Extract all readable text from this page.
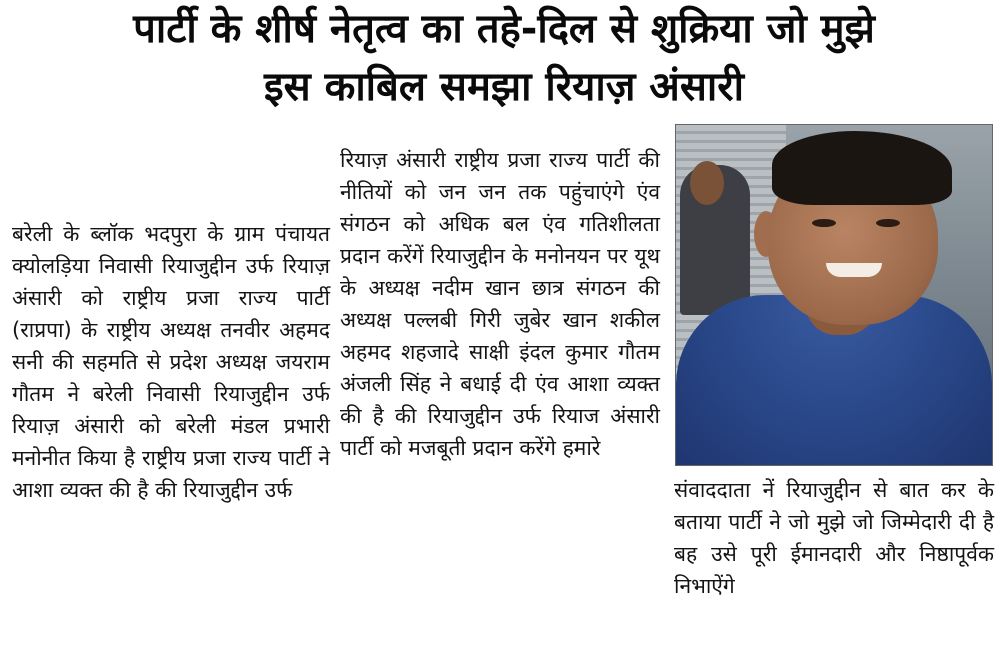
पार्टी के शीर्ष नेतृत्व का तहे-दिल से शुक्रिया जो मुझे
इस काबिल समझा रियाज़ अंसारी

बरेली के ब्लॉक भदपुरा के ग्राम पंचायत क्योलड़िया निवासी रियाजुद्दीन उर्फ रियाज़ अंसारी को राष्ट्रीय प्रजा राज्य पार्टी (राप्रपा) के राष्ट्रीय अध्यक्ष तनवीर अहमद सनी की सहमति से प्रदेश अध्यक्ष जयराम गौतम ने बरेली निवासी रियाजुद्दीन उर्फ रियाज़ अंसारी को बरेली मंडल प्रभारी मनोनीत किया है राष्ट्रीय प्रजा राज्य पार्टी ने आशा व्यक्त की है की रियाजुद्दीन उर्फ

रियाज़ अंसारी राष्ट्रीय प्रजा राज्य पार्टी की नीतियों को जन जन तक पहुंचाएंगे एंव संगठन को अधिक बल एंव गतिशीलता प्रदान करेंगें रियाजुद्दीन के मनोनयन पर यूथ के अध्यक्ष नदीम खान छात्र संगठन की अध्यक्ष पल्लबी गिरी जुबेर खान शकील अहमद शहजादे साक्षी इंदल कुमार गौतम अंजली सिंह ने बधाई दी एंव आशा व्यक्त की है की रियाजुद्दीन उर्फ रियाज अंसारी पार्टी को मजबूती प्रदान करेंगे हमारे

संवाददाता नें रियाजुद्दीन से बात कर के बताया पार्टी ने जो मुझे जो जिम्मेदारी दी है बह उसे पूरी ईमानदारी और निष्ठापूर्वक निभाऐंगे
